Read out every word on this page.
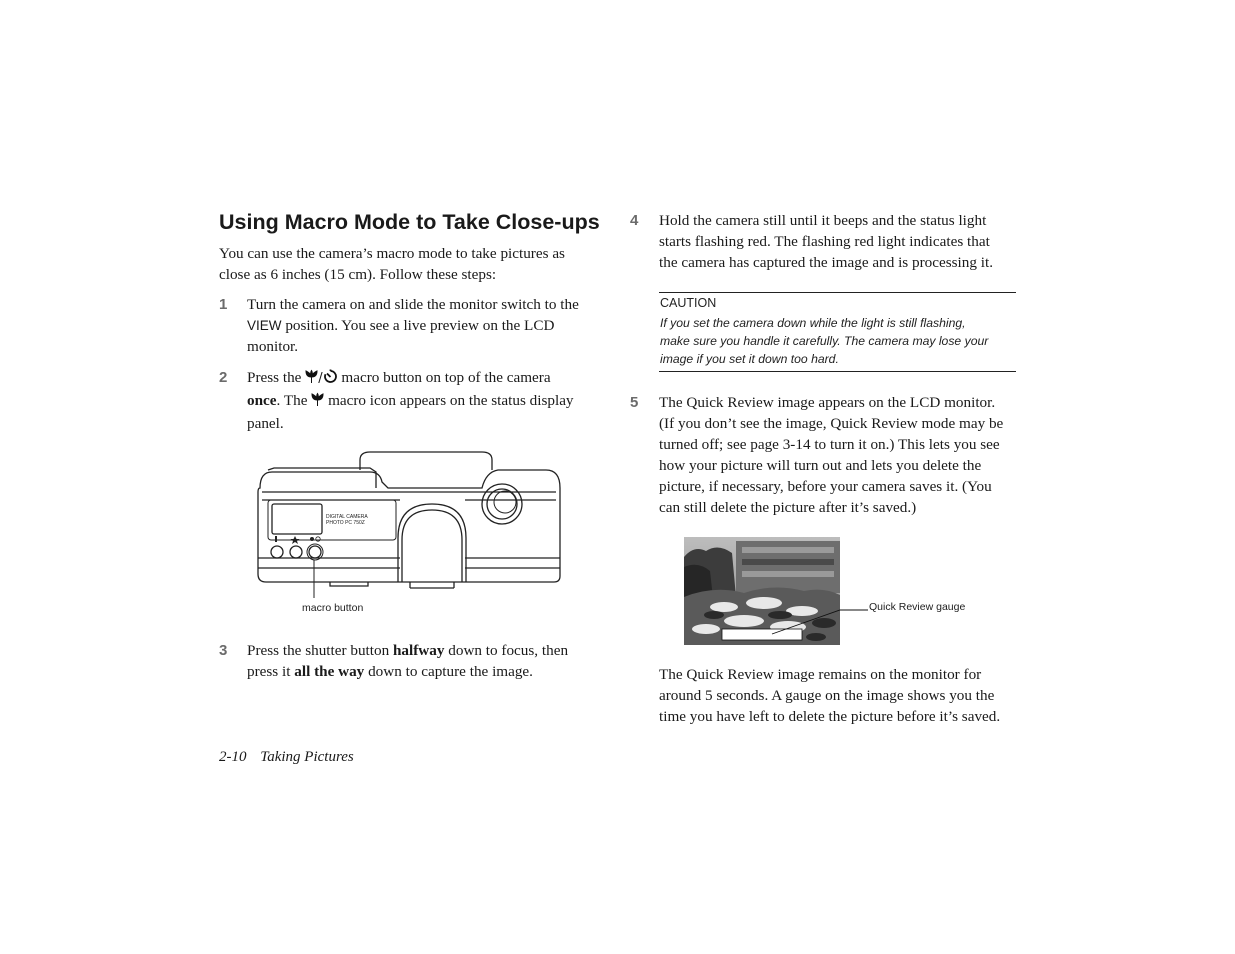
Using Macro Mode to Take Close-ups
You can use the camera’s macro mode to take pictures as
close as 6 inches (15 cm). Follow these steps:
1 Turn the camera on and slide the monitor switch to the
VIEW position. You see a live preview on the LCD
monitor.
2 Press the / macro button on top of the camera
once. The  macro icon appears on the status display
panel.
DIGITAL CAMERA
PHOTO PC 750Z
macro button
3 Press the shutter button halfway down to focus, then
press it all the way down to capture the image.
4 Hold the camera still until it beeps and the status light
starts flashing red. The flashing red light indicates that
the camera has captured the image and is processing it.
CAUTION
If you set the camera down while the light is still flashing,
make sure you handle it carefully. The camera may lose your
image if you set it down too hard.
5 The Quick Review image appears on the LCD monitor.
(If you don’t see the image, Quick Review mode may be
turned off; see page 3-14 to turn it on.) This lets you see
how your picture will turn out and lets you delete the
picture, if necessary, before your camera saves it. (You
can still delete the picture after it’s saved.)
Quick Review gauge
The Quick Review image remains on the monitor for
around 5 seconds. A gauge on the image shows you the
time you have left to delete the picture before it’s saved.
2-10 Taking Pictures
